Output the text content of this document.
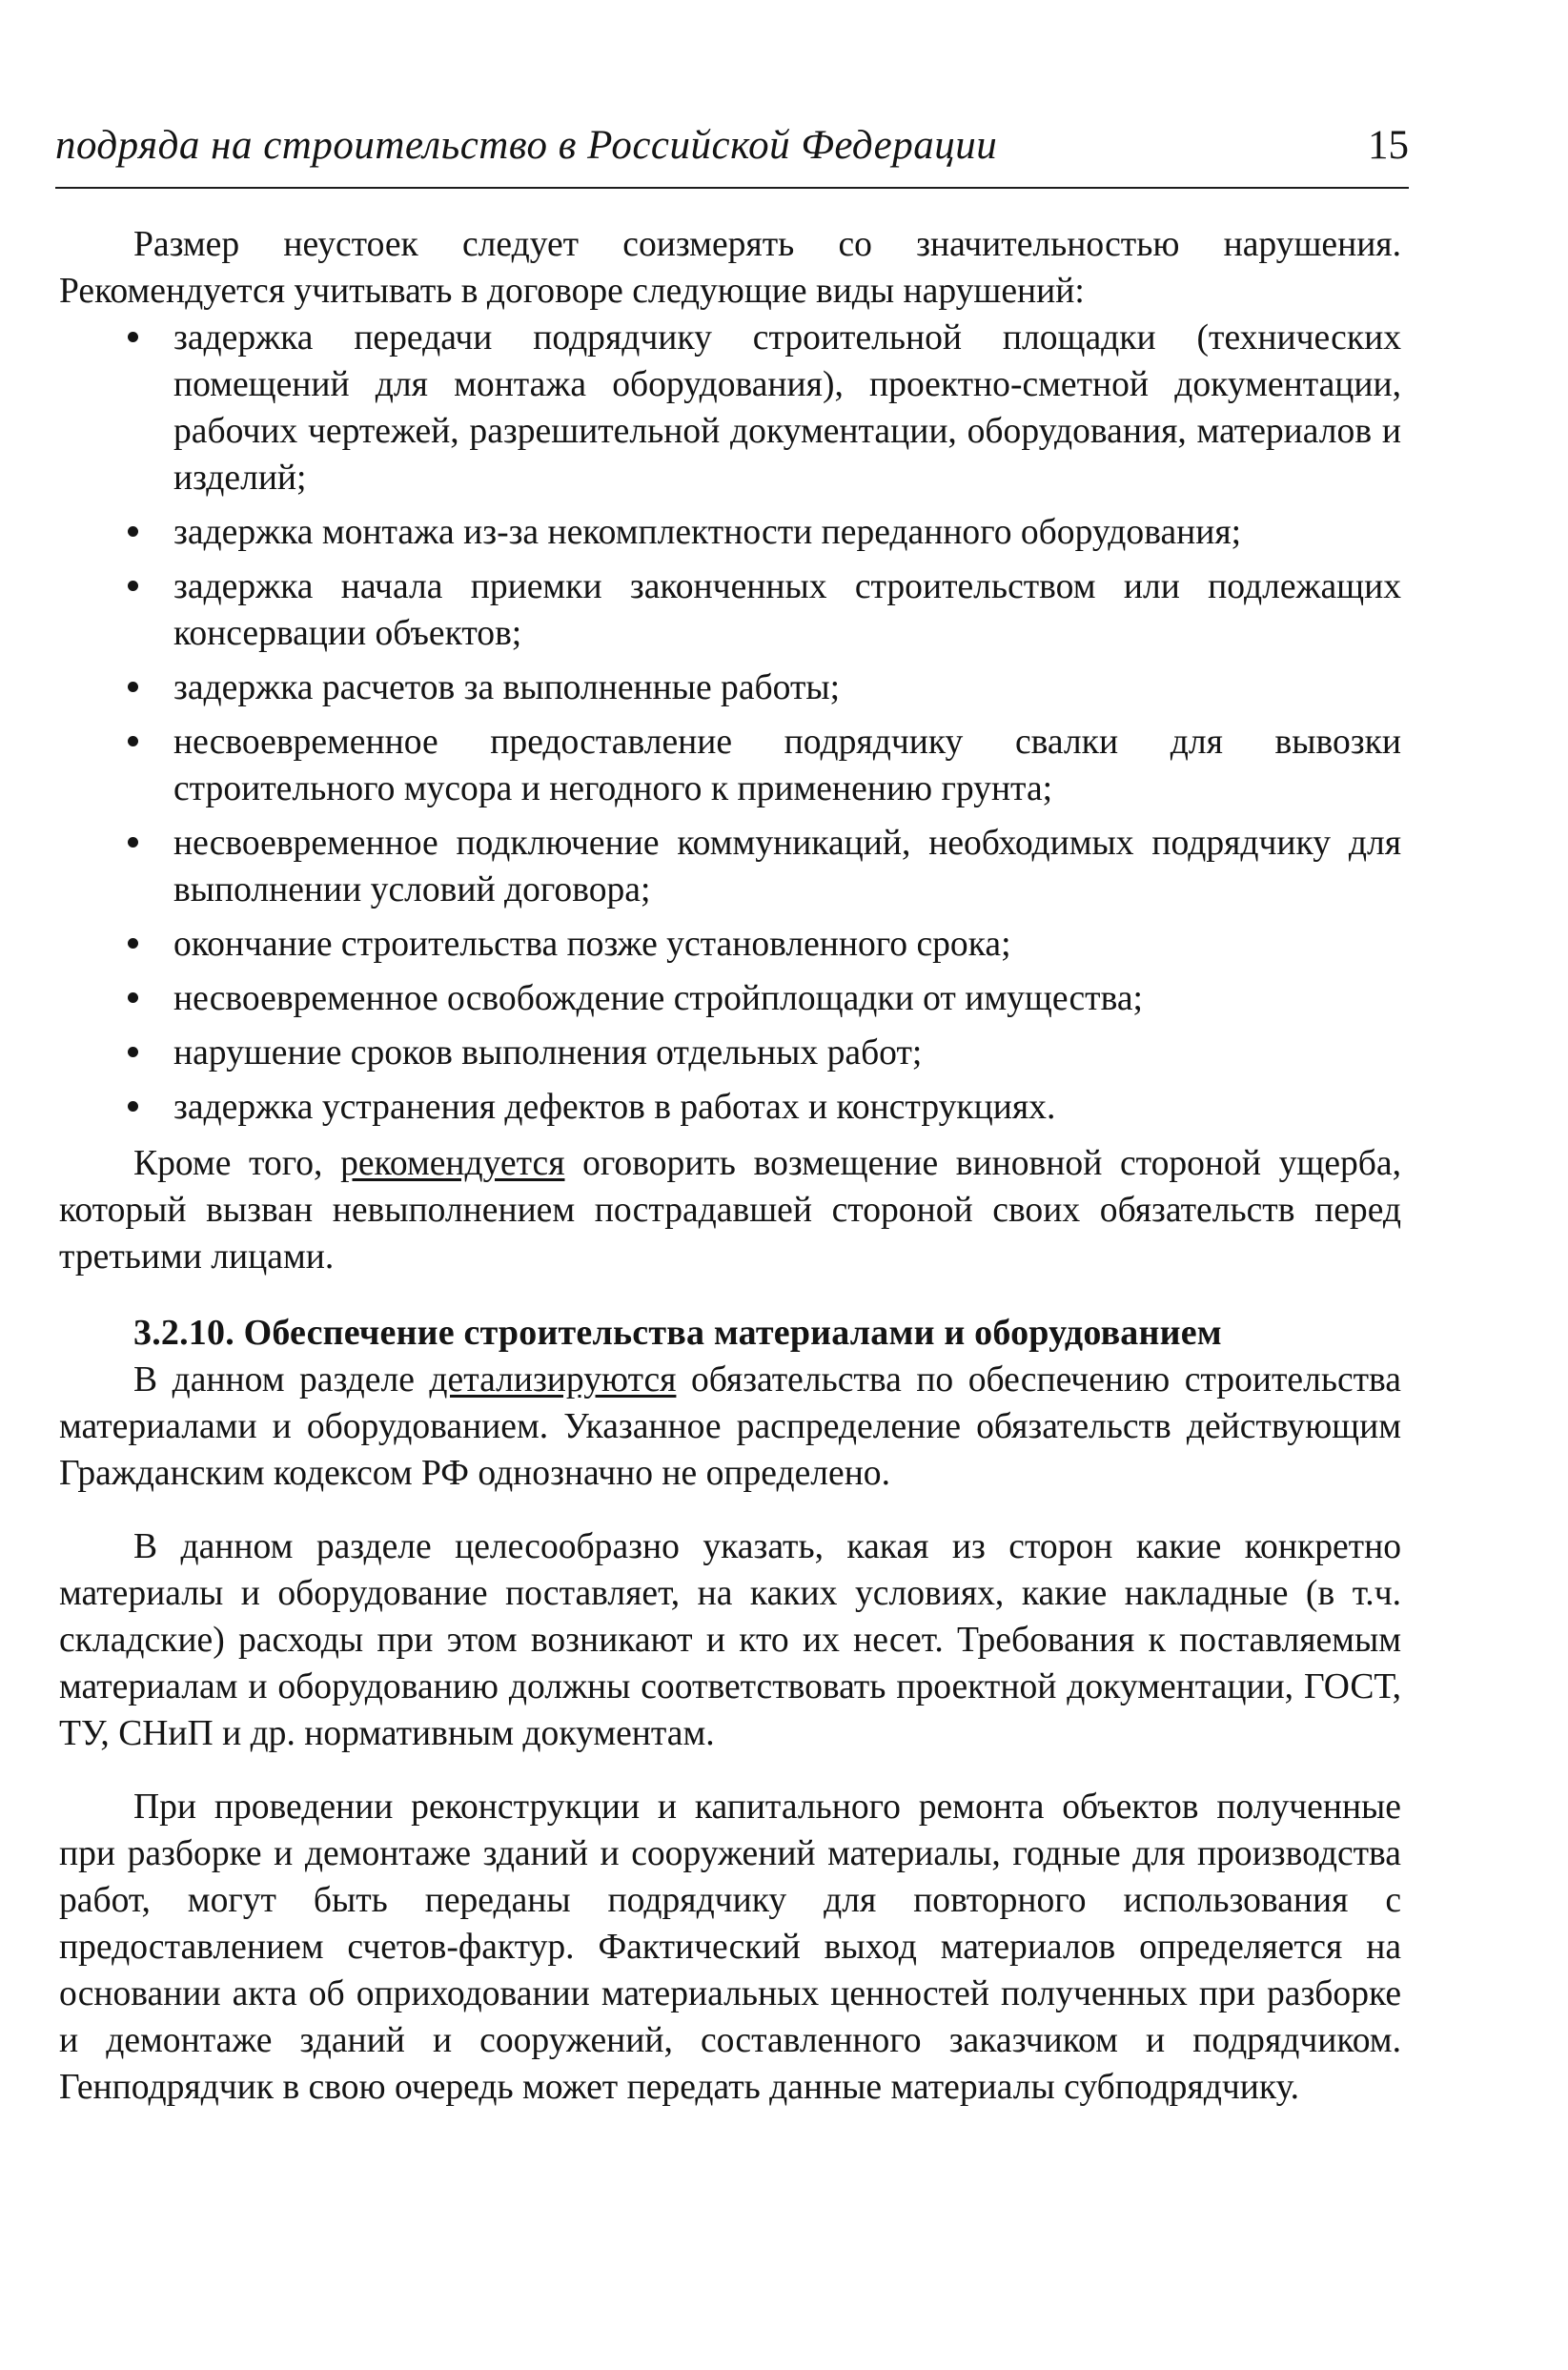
подряда на строительство в Российской Федерации	15

Размер неустоек следует соизмерять со значительностью нарушения. Рекомендуется учитывать в договоре следующие виды нарушений:

задержка передачи подрядчику строительной площадки (технических помещений для монтажа оборудования), проектно-сметной документации, рабочих чертежей, разрешительной документации, оборудования, материалов и изделий;
задержка монтажа из-за некомплектности переданного оборудования;
задержка начала приемки законченных строительством или подлежащих консервации объектов;
задержка расчетов за выполненные работы;
несвоевременное предоставление подрядчику свалки для вывозки строительного мусора и негодного к применению грунта;
несвоевременное подключение коммуникаций, необходимых подрядчику для выполнении условий договора;
окончание строительства позже установленного срока;
несвоевременное освобождение стройплощадки от имущества;
нарушение сроков выполнения отдельных работ;
задержка устранения дефектов в работах и конструкциях.

Кроме того, рекомендуется оговорить возмещение виновной стороной ущерба, который вызван невыполнением пострадавшей стороной своих обязательств перед третьими лицами.

3.2.10. Обеспечение строительства материалами и оборудованием

В данном разделе детализируются обязательства по обеспечению строительства материалами и оборудованием. Указанное распределение обязательств действующим Гражданским кодексом РФ однозначно не определено.

В данном разделе целесообразно указать, какая из сторон какие конкретно материалы и оборудование поставляет, на каких условиях, какие накладные (в т.ч. складские) расходы при этом возникают и кто их несет. Требования к поставляемым материалам и оборудованию должны соответствовать проектной документации, ГОСТ, ТУ, СНиП и др. нормативным документам.

При проведении реконструкции и капитального ремонта объектов полученные при разборке и демонтаже зданий и сооружений материалы, годные для производства работ, могут быть переданы подрядчику для повторного использования с предоставлением счетов-фактур. Фактический выход материалов определяется на основании акта об оприходовании материальных ценностей полученных при разборке и демонтаже зданий и сооружений, составленного заказчиком и подрядчиком. Генподрядчик в свою очередь может передать данные материалы субподрядчику.
